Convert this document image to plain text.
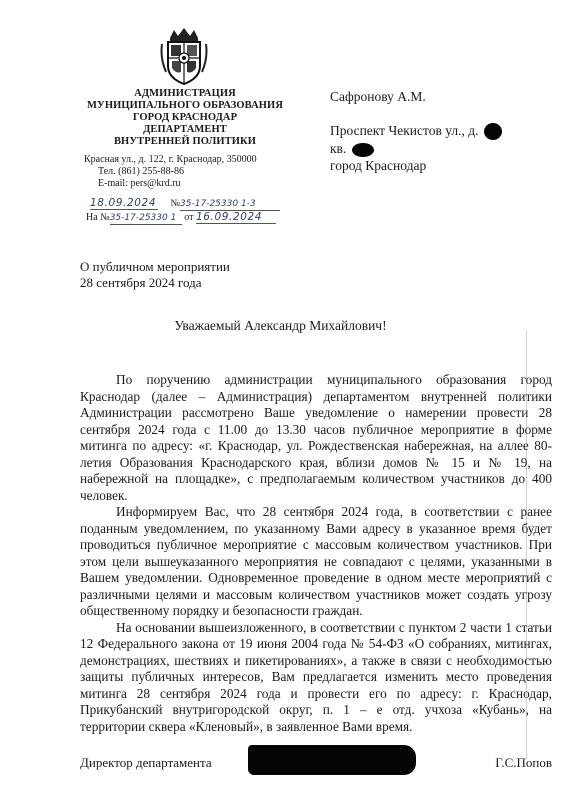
АДМИНИСТРАЦИЯ
МУНИЦИПАЛЬНОГО ОБРАЗОВАНИЯ
ГОРОД КРАСНОДАР
ДЕПАРТАМЕНТ
ВНУТРЕННЕЙ ПОЛИТИКИ
Красная ул., д. 122, г. Краснодар, 350000
Тел. (861) 255-88-86
E-mail: pers@krd.ru
18.09.2024 №35-17-25330 1-3
На №35-17-25330 1 от 16.09.2024
Сафронову А.М.
Проспект Чекистов ул., д.
кв.
город Краснодар
О публичном мероприятии
28 сентября 2024 года
Уважаемый Александр Михайлович!

По поручению администрации муниципального образования город Краснодар (далее – Администрация) департаментом внутренней политики Администрации рассмотрено Ваше уведомление о намерении провести 28 сентября 2024 года с 11.00 до 13.30 часов публичное мероприятие в форме митинга по адресу: «г. Краснодар, ул. Рождественская набережная, на аллее 80-летия Образования Краснодарского края, вблизи домов № 15 и № 19, на набережной на площадке», с предполагаемым количеством участников до 400 человек.

Информируем Вас, что 28 сентября 2024 года, в соответствии с ранее поданным уведомлением, по указанному Вами адресу в указанное время будет проводиться публичное мероприятие с массовым количеством участников. При этом цели вышеуказанного мероприятия не совпадают с целями, указанными в Вашем уведомлении. Одновременное проведение в одном месте мероприятий с различными целями и массовым количеством участников может создать угрозу общественному порядку и безопасности граждан.

На основании вышеизложенного, в соответствии с пунктом 2 части 1 статьи 12 Федерального закона от 19 июня 2004 года № 54-ФЗ «О собраниях, митингах, демонстрациях, шествиях и пикетированиях», а также в связи с необходимостью защиты публичных интересов, Вам предлагается изменить место проведения митинга 28 сентября 2024 года и провести его по адресу: г. Краснодар, Прикубанский внутригородской округ, п. 1 – е отд. учхоза «Кубань», на территории сквера «Кленовый», в заявленное Вами время.

Директор департамента	Г.С.Попов
